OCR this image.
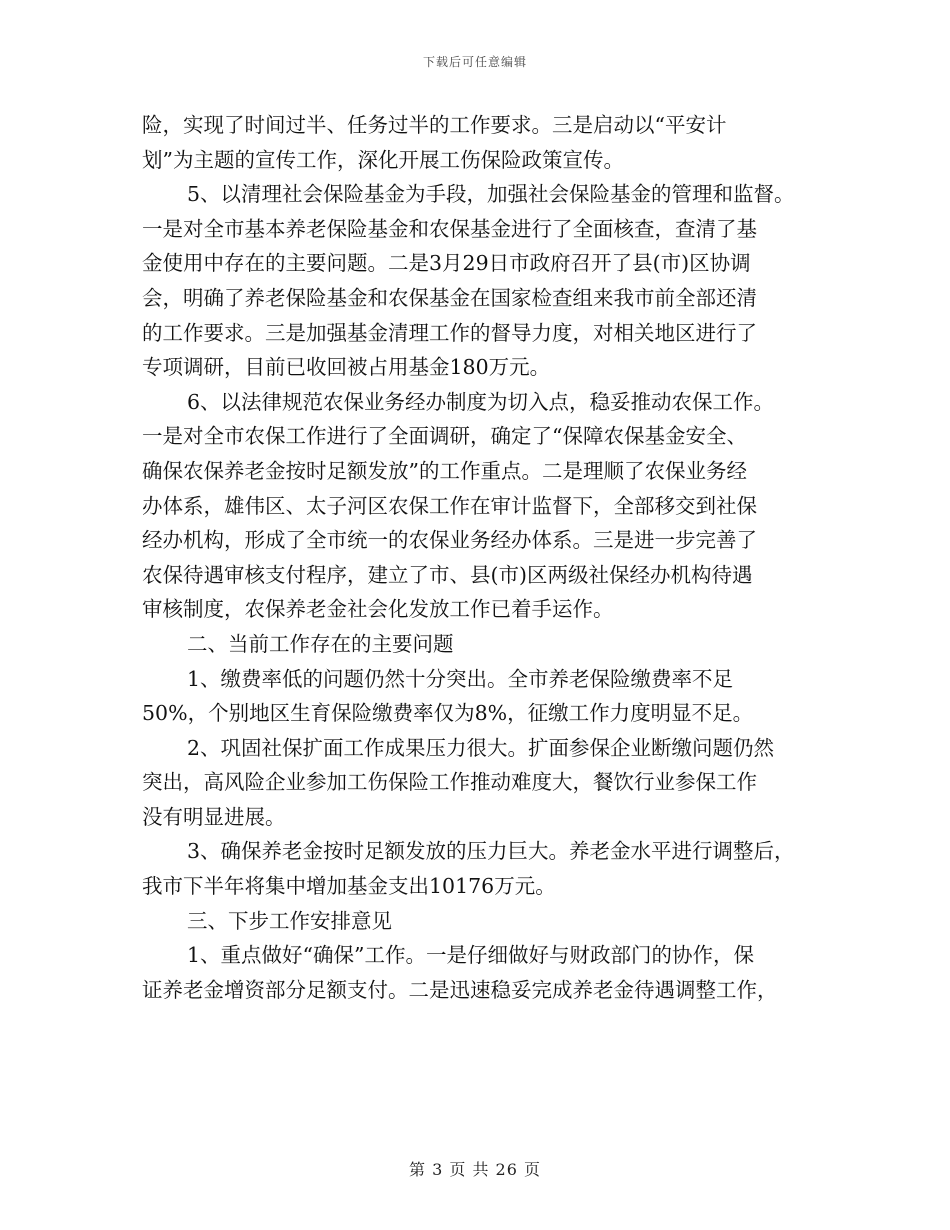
下载后可任意编辑
险，实现了时间过半、任务过半的工作要求。三是启动以“平安计
划”为主题的宣传工作，深化开展工伤保险政策宣传。
5、以清理社会保险基金为手段，加强社会保险基金的管理和监督。
一是对全市基本养老保险基金和农保基金进行了全面核查，查清了基
金使用中存在的主要问题。二是3月29日市政府召开了县(市)区协调
会，明确了养老保险基金和农保基金在国家检查组来我市前全部还清
的工作要求。三是加强基金清理工作的督导力度，对相关地区进行了
专项调研，目前已收回被占用基金180万元。
6、以法律规范农保业务经办制度为切入点，稳妥推动农保工作。
一是对全市农保工作进行了全面调研，确定了“保障农保基金安全、
确保农保养老金按时足额发放”的工作重点。二是理顺了农保业务经
办体系，雄伟区、太子河区农保工作在审计监督下，全部移交到社保
经办机构，形成了全市统一的农保业务经办体系。三是进一步完善了
农保待遇审核支付程序，建立了市、县(市)区两级社保经办机构待遇
审核制度，农保养老金社会化发放工作已着手运作。
二、当前工作存在的主要问题
1、缴费率低的问题仍然十分突出。全市养老保险缴费率不足
50%，个别地区生育保险缴费率仅为8%，征缴工作力度明显不足。
2、巩固社保扩面工作成果压力很大。扩面参保企业断缴问题仍然
突出，高风险企业参加工伤保险工作推动难度大，餐饮行业参保工作
没有明显进展。
3、确保养老金按时足额发放的压力巨大。养老金水平进行调整后，
我市下半年将集中增加基金支出10176万元。
三、下步工作安排意见
1、重点做好“确保”工作。一是仔细做好与财政部门的协作，保
证养老金增资部分足额支付。二是迅速稳妥完成养老金待遇调整工作，
第 3 页 共 26 页
